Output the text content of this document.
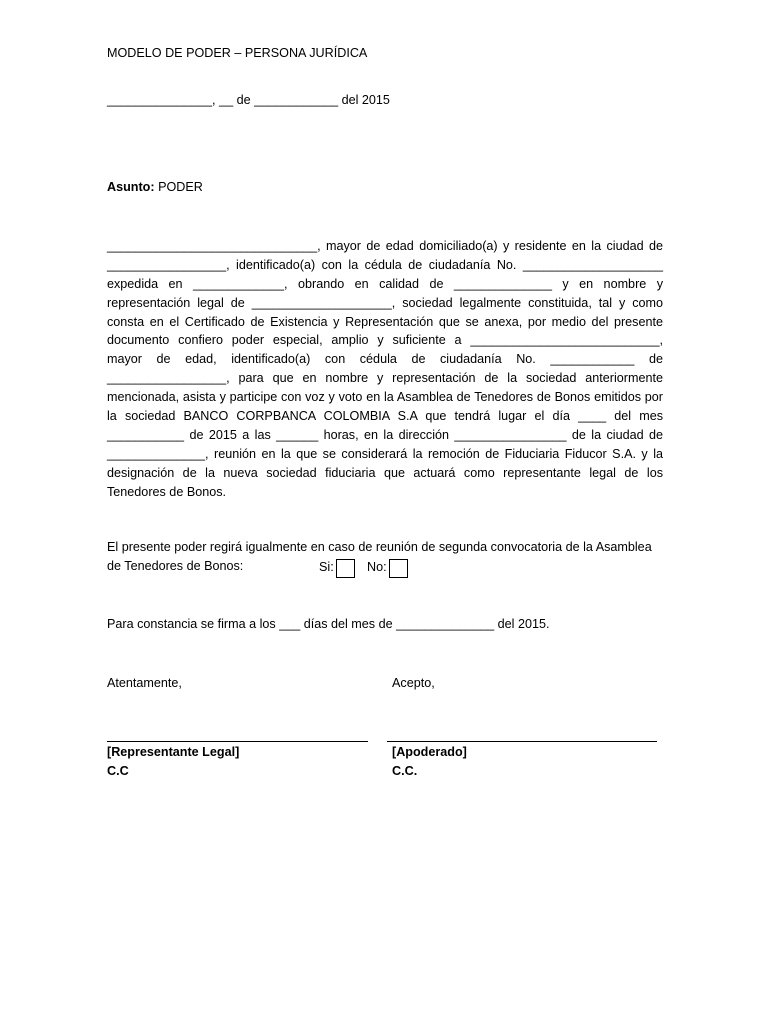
MODELO DE PODER – PERSONA JURÍDICA
_______________, __ de ____________ del 2015
Asunto: PODER
______________________________, mayor de edad domiciliado(a) y residente en la ciudad de
_________________, identificado(a) con la cédula de ciudadanía No. ____________________
expedida en _____________, obrando en calidad de ______________ y en nombre y
representación legal de ____________________, sociedad legalmente constituida, tal y como
consta en el Certificado de Existencia y Representación que se anexa, por medio del presente
documento confiero poder especial, amplio y suficiente a ___________________________,
mayor de edad, identificado(a) con cédula de ciudadanía No. ____________ de
_________________, para que en nombre y representación de la sociedad anteriormente
mencionada, asista y participe con voz y voto en la Asamblea de Tenedores de Bonos emitidos por
la sociedad BANCO CORPBANCA COLOMBIA S.A que tendrá lugar el día ____ del mes
___________ de 2015 a las ______ horas, en la dirección ________________ de la ciudad de
______________, reunión en la que se considerará la remoción de Fiduciaria Fiducor S.A. y la
designación de la nueva sociedad fiduciaria que actuará como representante legal de los
Tenedores de Bonos.
El presente poder regirá igualmente en caso de reunión de segunda convocatoria de la Asamblea
de Tenedores de Bonos:	Si:	No:
Para constancia se firma a los ___ días del mes de ______________ del 2015.
Atentamente,	Acepto,
[Representante Legal]
C.C
[Apoderado]
C.C.
